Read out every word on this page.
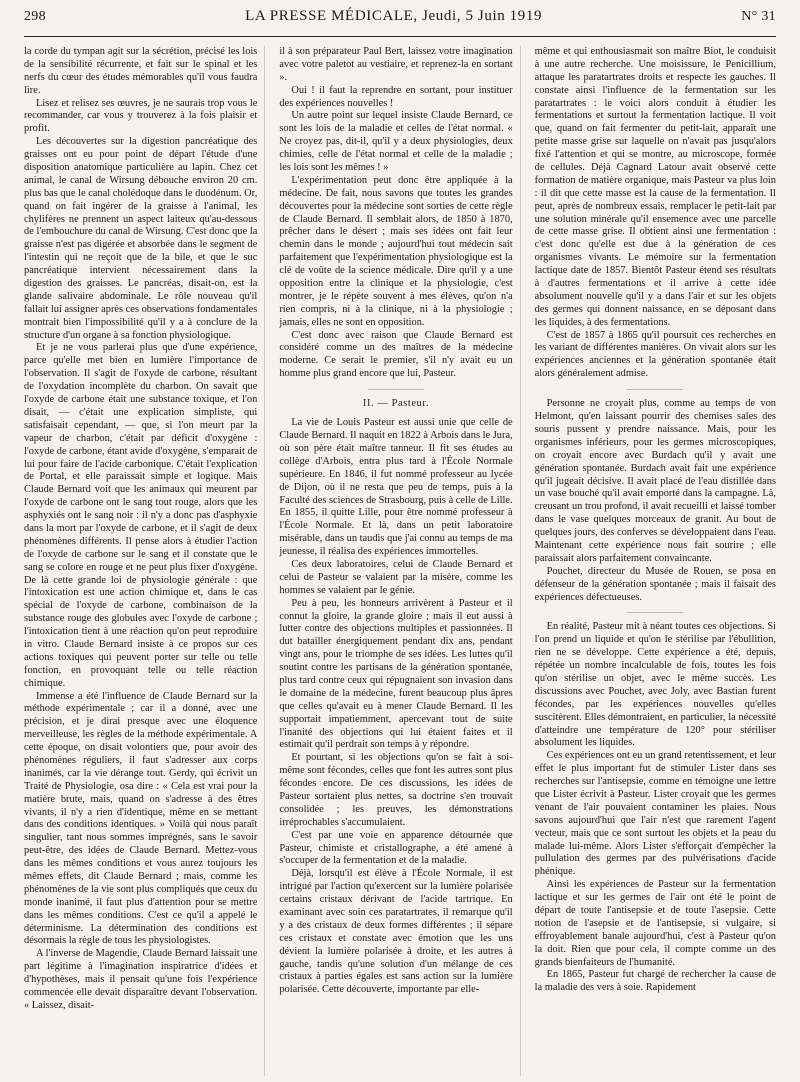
298	LA PRESSE MÉDICALE, Jeudi, 5 Juin 1919	N° 31

la corde du tympan agit sur la sécrétion, précisé les lois de la sensibilité récurrente, et fait sur le spinal et les nerfs du cœur des études mémorables qu'il vous faudra lire.

Lisez et relisez ses œuvres, je ne saurais trop vous le recommander, car vous y trouverez à la fois plaisir et profit.

Les découvertes sur la digestion pancréatique des graisses ont eu pour point de départ l'étude d'une disposition anatomique particulière au lapin. Chez cet animal, le canal de Wirsung débouche environ 20 cm. plus bas que le canal cholédoque dans le duodénum. Or, quand on fait ingérer de la graisse à l'animal, les chylifères ne prennent un aspect laiteux qu'au-dessous de l'embouchure du canal de Wirsung. C'est donc que la graisse n'est pas digérée et absorbée dans le segment de l'intestin qui ne reçoit que de la bile, et que le suc pancréatique intervient nécessairement dans la digestion des graisses. Le pancréas, disait-on, est la glande salivaire abdominale. Le rôle nouveau qu'il fallait lui assigner après ces observations fondamentales montrait bien l'impossibilité qu'il y a à conclure de la structure d'un organe à sa fonction physiologique.

Et je ne vous parlerai plus que d'une expérience, parce qu'elle met bien en lumière l'importance de l'observation. Il s'agit de l'oxyde de carbone, résultant de l'oxydation incomplète du charbon. On savait que l'oxyde de carbone était une substance toxique, et l'on disait, — c'était une explication simpliste, qui satisfaisait cependant, — que, si l'on meurt par la vapeur de charbon, c'était par déficit d'oxygène : l'oxyde de carbone, étant avide d'oxygène, s'emparait de lui pour faire de l'acide carbonique. C'était l'explication de Portal, et elle paraissait simple et logique. Mais Claude Bernard voit que les animaux qui meurent par l'oxyde de carbone ont le sang tout rouge, alors que les asphyxiés ont le sang noir : il n'y a donc pas d'asphyxie dans la mort par l'oxyde de carbone, et il s'agit de deux phénomènes différents. Il pense alors à étudier l'action de l'oxyde de carbone sur le sang et il constate que le sang se colore en rouge et ne peut plus fixer d'oxygène. De là cette grande loi de physiologie générale : que l'intoxication est une action chimique et, dans le cas spécial de l'oxyde de carbone, combinaison de la substance rouge des globules avec l'oxyde de carbone ; l'intoxication tient à une réaction qu'on peut reproduire in vitro. Claude Bernard insiste à ce propos sur ces actions toxiques qui peuvent porter sur telle ou telle fonction, en provoquant telle ou telle réaction chimique.

Immense a été l'influence de Claude Bernard sur la méthode expérimentale ; car il a donné, avec une précision, et je dirai presque avec une éloquence merveilleuse, les règles de la méthode expérimentale. A cette époque, on disait volontiers que, pour avoir des phénomènes réguliers, il faut s'adresser aux corps inanimés, car la vie dérange tout. Gerdy, qui écrivit un Traité de Physiologie, osa dire : « Cela est vrai pour la matière brute, mais, quand on s'adresse à des êtres vivants, il n'y a rien d'identique, même en se mettant dans des conditions identiques. » Voilà qui nous paraît singulier, tant nous sommes imprégnés, sans le savoir peut-être, des idées de Claude Bernard. Mettez-vous dans les mêmes conditions et vous aurez toujours les mêmes effets, dit Claude Bernard ; mais, comme les phénomènes de la vie sont plus compliqués que ceux du monde inanimé, il faut plus d'attention pour se mettre dans les mêmes conditions. C'est ce qu'il a appelé le déterminisme. La détermination des conditions est désormais la règle de tous les physiologistes.

A l'inverse de Magendie, Claude Bernard laissait une part légitime à l'imagination inspiratrice d'idées et d'hypothèses, mais il pensait qu'une fois l'expérience commencée elle devait disparaître devant l'observation. « Laissez, disait-

il à son préparateur Paul Bert, laissez votre imagination avec votre paletot au vestiaire, et reprenez-la en sortant ».

Oui ! il faut la reprendre en sortant, pour instituer des expériences nouvelles !

Un autre point sur lequel insiste Claude Bernard, ce sont les lois de la maladie et celles de l'état normal. « Ne croyez pas, dit-il, qu'il y a deux physiologies, deux chimies, celle de l'état normal et celle de la maladie ; les lois sont les mêmes ! »

L'expérimentation peut donc être appliquée à la médecine. De fait, nous savons que toutes les grandes découvertes pour la médecine sont sorties de cette règle de Claude Bernard. Il semblait alors, de 1850 à 1870, prêcher dans le désert ; mais ses idées ont fait leur chemin dans le monde ; aujourd'hui tout médecin sait parfaitement que l'expérimentation physiologique est la clé de voûte de la science médicale. Dire qu'il y a une opposition entre la clinique et la physiologie, c'est montrer, je le répète souvent à mes élèves, qu'on n'a rien compris, ni à la clinique, ni à la physiologie ; jamais, elles ne sont en opposition.

C'est donc avec raison que Claude Bernard est considéré comme un des maîtres de la médecine moderne. Ce serait le premier, s'il n'y avait eu un homme plus grand encore que lui, Pasteur.

II. — Pasteur.

La vie de Louis Pasteur est aussi unie que celle de Claude Bernard. Il naquit en 1822 à Arbois dans le Jura, où son père était maître tanneur. Il fit ses études au collège d'Arbois, entra plus tard à l'École Normale supérieure. En 1846, il fut nommé professeur au lycée de Dijon, où il ne resta que peu de temps, puis à la Faculté des sciences de Strasbourg, puis à celle de Lille. En 1855, il quitte Lille, pour être nommé professeur à l'École Normale. Et là, dans un petit laboratoire misérable, dans un taudis que j'ai connu au temps de ma jeunesse, il réalisa des expériences immortelles.

Ces deux laboratoires, celui de Claude Bernard et celui de Pasteur se valaient par la misère, comme les hommes se valaient par le génie.

Peu à peu, les honneurs arrivèrent à Pasteur et il connut la gloire, la grande gloire ; mais il eut aussi à lutter contre des objections multiples et passionnées. Il dut batailler énergiquement pendant dix ans, pendant vingt ans, pour le triomphe de ses idées. Les luttes qu'il soutint contre les partisans de la génération spontanée, plus tard contre ceux qui répugnaient son invasion dans le domaine de la médecine, furent beaucoup plus âpres que celles qu'avait eu à mener Claude Bernard. Il les supportait impatiemment, apercevant tout de suite l'inanité des objections qui lui étaient faites et il estimait qu'il perdrait son temps à y répondre.

Et pourtant, si les objections qu'on se fait à soi-même sont fécondes, celles que font les autres sont plus fécondes encore. De ces discussions, les idées de Pasteur sortaient plus nettes, sa doctrine s'en trouvait consolidée ; les preuves, les démonstrations irréprochables s'accumulaient.

C'est par une voie en apparence détournée que Pasteur, chimiste et cristallographe, a été amené à s'occuper de la fermentation et de la maladie.

Déjà, lorsqu'il est élève à l'École Normale, il est intrigué par l'action qu'exercent sur la lumière polarisée certains cristaux dérivant de l'acide tartrique. En examinant avec soin ces paratartrates, il remarque qu'il y a des cristaux de deux formes différentes ; il sépare ces cristaux et constate avec émotion que les uns dévient la lumière polarisée à droite, et les autres à gauche, tandis qu'une solution d'un mélange de ces cristaux à parties égales est sans action sur la lumière polarisée. Cette découverte, importante par elle-

même et qui enthousiasmait son maître Biot, le conduisit à une autre recherche. Une moisissure, le Penicillium, attaque les paratartrates droits et respecte les gauches. Il constate ainsi l'influence de la fermentation sur les paratartrates : le voici alors conduit à étudier les fermentations et surtout la fermentation lactique. Il voit que, quand on fait fermenter du petit-lait, apparaît une petite masse grise sur laquelle on n'avait pas jusqu'alors fixé l'attention et qui se montre, au microscope, formée de cellules. Déjà Cagnard Latour avait observé cette formation de matière organique, mais Pasteur va plus loin : il dit que cette masse est la cause de la fermentation. Il peut, après de nombreux essais, remplacer le petit-lait par une solution minérale qu'il ensemence avec une parcelle de cette masse grise. Il obtient ainsi une fermentation : c'est donc qu'elle est due à la génération de ces organismes vivants. Le mémoire sur la fermentation lactique date de 1857. Bientôt Pasteur étend ses résultats à d'autres fermentations et il arrive à cette idée absolument nouvelle qu'il y a dans l'air et sur les objets des germes qui donnent naissance, en se déposant dans les liquides, à des fermentations.

C'est de 1857 à 1865 qu'il poursuit ces recherches en les variant de différentes manières. On vivait alors sur les expériences anciennes et la génération spontanée était alors généralement admise.

Personne ne croyait plus, comme au temps de von Helmont, qu'en laissant pourrir des chemises sales des souris pussent y prendre naissance. Mais, pour les organismes inférieurs, pour les germes microscopiques, on croyait encore avec Burdach qu'il y avait une génération spontanée. Burdach avait fait une expérience qu'il jugeait décisive. Il avait placé de l'eau distillée dans un vase bouché qu'il avait emporté dans la campagne. Là, creusant un trou profond, il avait recueilli et laissé tomber dans le vase quelques morceaux de granit. Au bout de quelques jours, des conferves se développaient dans l'eau. Maintenant cette expérience nous fait sourire ; elle paraissait alors parfaitement convaincante.

Pouchet, directeur du Musée de Rouen, se posa en défenseur de la génération spontanée ; mais il faisait des expériences défectueuses.

En réalité, Pasteur mit à néant toutes ces objections. Si l'on prend un liquide et qu'on le stérilise par l'ébullition, rien ne se développe. Cette expérience a été, depuis, répétée un nombre incalculable de fois, toutes les fois qu'on stérilise un objet, avec le même succès. Les discussions avec Pouchet, avec Joly, avec Bastian furent fécondes, par les expériences nouvelles qu'elles suscitèrent. Elles démontraient, en particulier, la nécessité d'atteindre une température de 120° pour stériliser absolument les liquides.

Ces expériences ont eu un grand retentissement, et leur effet le plus important fut de stimuler Lister dans ses recherches sur l'antisepsie, comme en témoigne une lettre que Lister écrivit à Pasteur. Lister croyait que les germes venant de l'air pouvaient contaminer les plaies. Nous savons aujourd'hui que l'air n'est que rarement l'agent vecteur, mais que ce sont surtout les objets et la peau du malade lui-même. Alors Lister s'efforçait d'empêcher la pullulation des germes par des pulvérisations d'acide phénique.

Ainsi les expériences de Pasteur sur la fermentation lactique et sur les germes de l'air ont été le point de départ de toute l'antisepsie et de toute l'asepsie. Cette notion de l'asepsie et de l'antisepsie, si vulgaire, si effroyablement banale aujourd'hui, c'est à Pasteur qu'on la doit. Rien que pour cela, il compte comme un des grands bienfaiteurs de l'humanité.

En 1865, Pasteur fut chargé de rechercher la cause de la maladie des vers à soie. Rapidement
